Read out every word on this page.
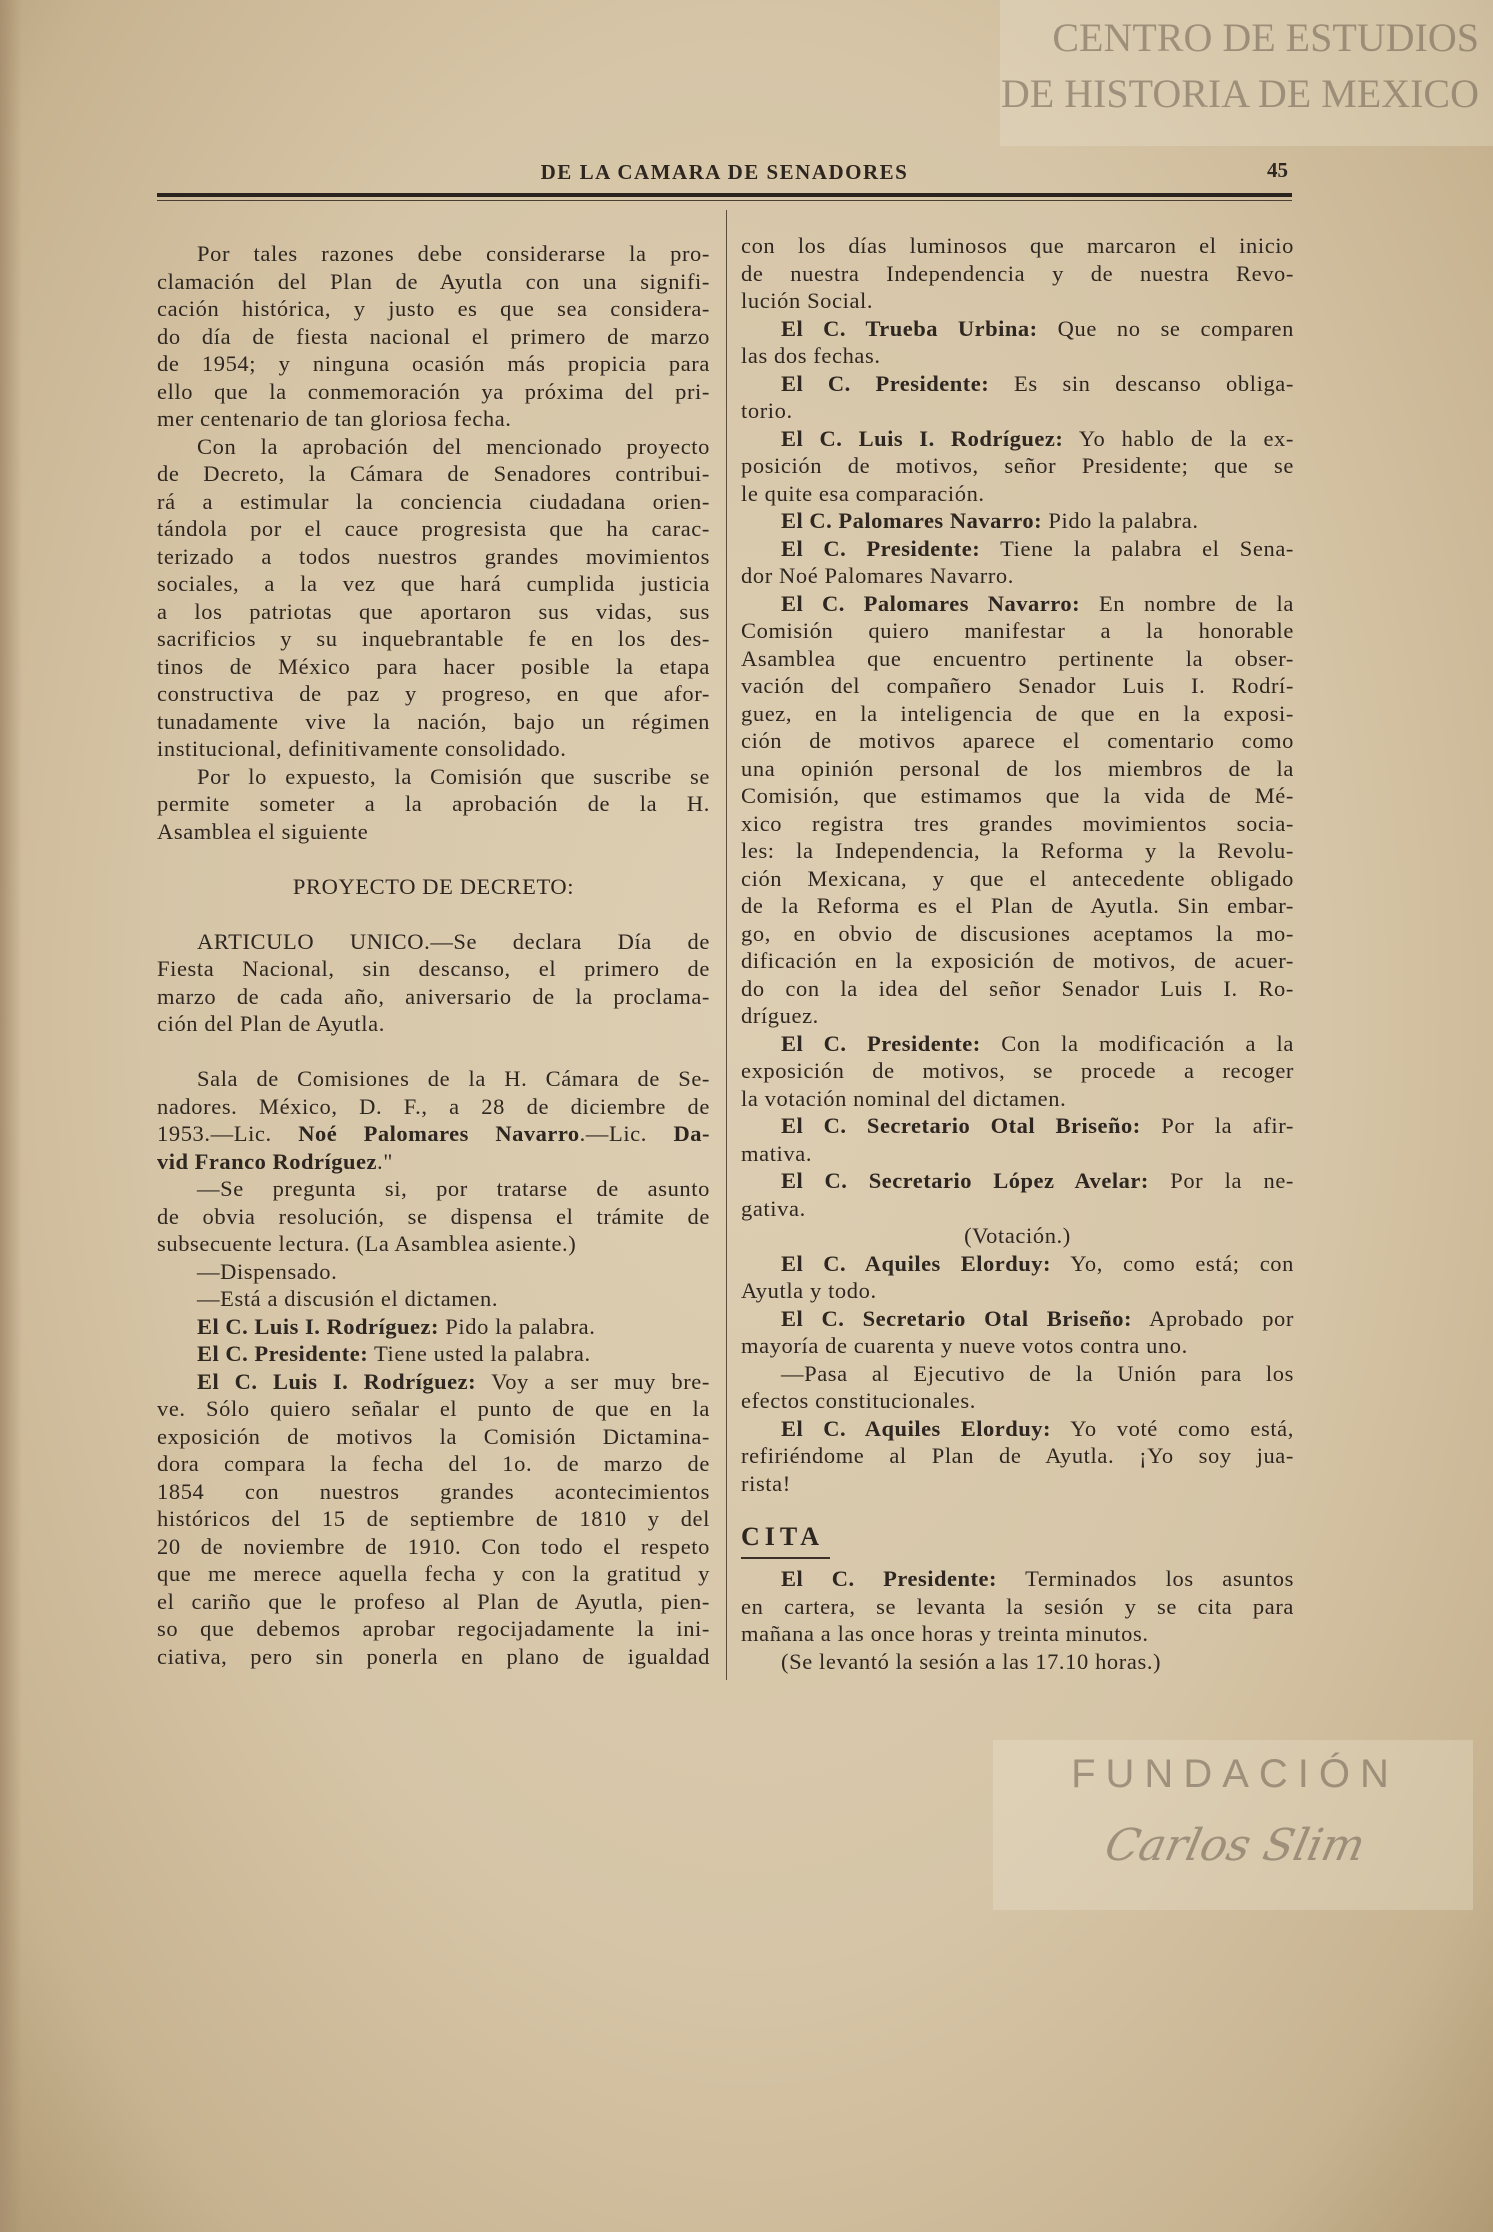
CENTRO DE ESTUDIOS
DE HISTORIA DE MEXICO
FUNDACIÓN
Carlos Slim
DE LA CAMARA DE SENADORES	45
Por tales razones debe considerarse la pro-
clamación del Plan de Ayutla con una signifi-
cación histórica, y justo es que sea considera-
do día de fiesta nacional el primero de marzo
de 1954; y ninguna ocasión más propicia para
ello que la conmemoración ya próxima del pri-
mer centenario de tan gloriosa fecha.
Con la aprobación del mencionado proyecto
de Decreto, la Cámara de Senadores contribui-
rá a estimular la conciencia ciudadana orien-
tándola por el cauce progresista que ha carac-
terizado a todos nuestros grandes movimientos
sociales, a la vez que hará cumplida justicia
a los patriotas que aportaron sus vidas, sus
sacrificios y su inquebrantable fe en los des-
tinos de México para hacer posible la etapa
constructiva de paz y progreso, en que afor-
tunadamente vive la nación, bajo un régimen
institucional, definitivamente consolidado.
Por lo expuesto, la Comisión que suscribe se
permite someter a la aprobación de la H.
Asamblea el siguiente
PROYECTO DE DECRETO:
ARTICULO UNICO.—Se declara Día de
Fiesta Nacional, sin descanso, el primero de
marzo de cada año, aniversario de la proclama-
ción del Plan de Ayutla.
Sala de Comisiones de la H. Cámara de Se-
nadores. México, D. F., a 28 de diciembre de
1953.—Lic. Noé Palomares Navarro.—Lic. Da-
vid Franco Rodríguez."
—Se pregunta si, por tratarse de asunto
de obvia resolución, se dispensa el trámite de
subsecuente lectura. (La Asamblea asiente.)
—Dispensado.
—Está a discusión el dictamen.
El C. Luis I. Rodríguez: Pido la palabra.
El C. Presidente: Tiene usted la palabra.
El C. Luis I. Rodríguez: Voy a ser muy bre-
ve. Sólo quiero señalar el punto de que en la
exposición de motivos la Comisión Dictamina-
dora compara la fecha del 1o. de marzo de
1854 con nuestros grandes acontecimientos
históricos del 15 de septiembre de 1810 y del
20 de noviembre de 1910. Con todo el respeto
que me merece aquella fecha y con la gratitud y
el cariño que le profeso al Plan de Ayutla, pien-
so que debemos aprobar regocijadamente la ini-
ciativa, pero sin ponerla en plano de igualdad
con los días luminosos que marcaron el inicio
de nuestra Independencia y de nuestra Revo-
lución Social.
El C. Trueba Urbina: Que no se comparen
las dos fechas.
El C. Presidente: Es sin descanso obliga-
torio.
El C. Luis I. Rodríguez: Yo hablo de la ex-
posición de motivos, señor Presidente; que se
le quite esa comparación.
El C. Palomares Navarro: Pido la palabra.
El C. Presidente: Tiene la palabra el Sena-
dor Noé Palomares Navarro.
El C. Palomares Navarro: En nombre de la
Comisión quiero manifestar a la honorable
Asamblea que encuentro pertinente la obser-
vación del compañero Senador Luis I. Rodrí-
guez, en la inteligencia de que en la exposi-
ción de motivos aparece el comentario como
una opinión personal de los miembros de la
Comisión, que estimamos que la vida de Mé-
xico registra tres grandes movimientos socia-
les: la Independencia, la Reforma y la Revolu-
ción Mexicana, y que el antecedente obligado
de la Reforma es el Plan de Ayutla. Sin embar-
go, en obvio de discusiones aceptamos la mo-
dificación en la exposición de motivos, de acuer-
do con la idea del señor Senador Luis I. Ro-
dríguez.
El C. Presidente: Con la modificación a la
exposición de motivos, se procede a recoger
la votación nominal del dictamen.
El C. Secretario Otal Briseño: Por la afir-
mativa.
El C. Secretario López Avelar: Por la ne-
gativa.
(Votación.)
El C. Aquiles Elorduy: Yo, como está; con
Ayutla y todo.
El C. Secretario Otal Briseño: Aprobado por
mayoría de cuarenta y nueve votos contra uno.
—Pasa al Ejecutivo de la Unión para los
efectos constitucionales.
El C. Aquiles Elorduy: Yo voté como está,
refiriéndome al Plan de Ayutla. ¡Yo soy jua-
rista!
CITA
El C. Presidente: Terminados los asuntos
en cartera, se levanta la sesión y se cita para
mañana a las once horas y treinta minutos.
(Se levantó la sesión a las 17.10 horas.)
